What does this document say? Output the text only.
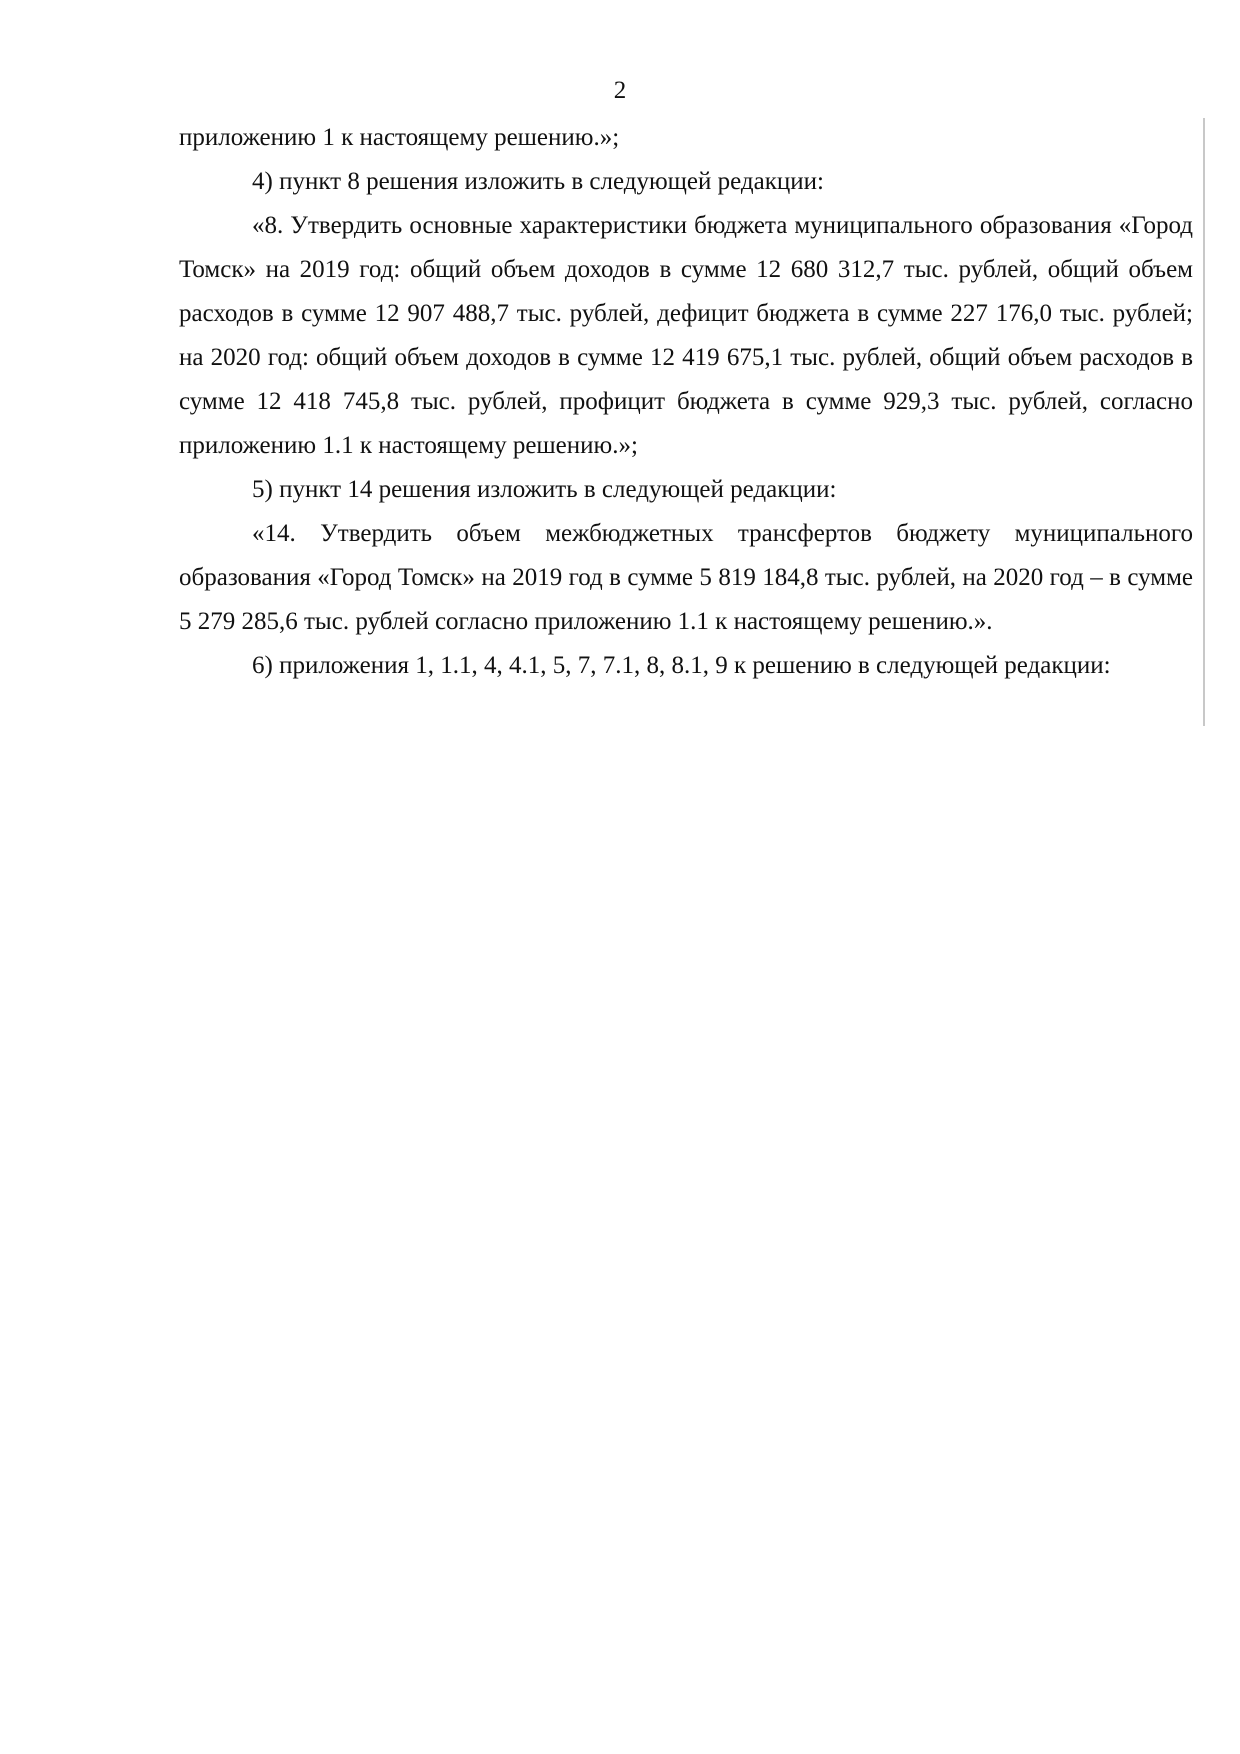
2

приложению 1 к настоящему решению.»;

4) пункт 8 решения изложить в следующей редакции:

«8. Утвердить основные характеристики бюджета муниципального образования «Город Томск» на 2019 год: общий объем доходов в сумме 12 680 312,7 тыс. рублей, общий объем расходов в сумме 12 907 488,7 тыс. рублей, дефицит бюджета в сумме 227 176,0 тыс. рублей; на 2020 год: общий объем доходов в сумме 12 419 675,1 тыс. рублей, общий объем расходов в сумме 12 418 745,8 тыс. рублей, профицит бюджета в сумме 929,3 тыс. рублей, согласно приложению 1.1 к настоящему решению.»;

5) пункт 14 решения изложить в следующей редакции:

«14. Утвердить объем межбюджетных трансфертов бюджету муниципального образования «Город Томск» на 2019 год в сумме 5 819 184,8 тыс. рублей, на 2020 год – в сумме 5 279 285,6 тыс. рублей согласно приложению 1.1 к настоящему решению.».

6) приложения 1, 1.1, 4, 4.1, 5, 7, 7.1, 8, 8.1, 9 к решению в следующей редакции:
